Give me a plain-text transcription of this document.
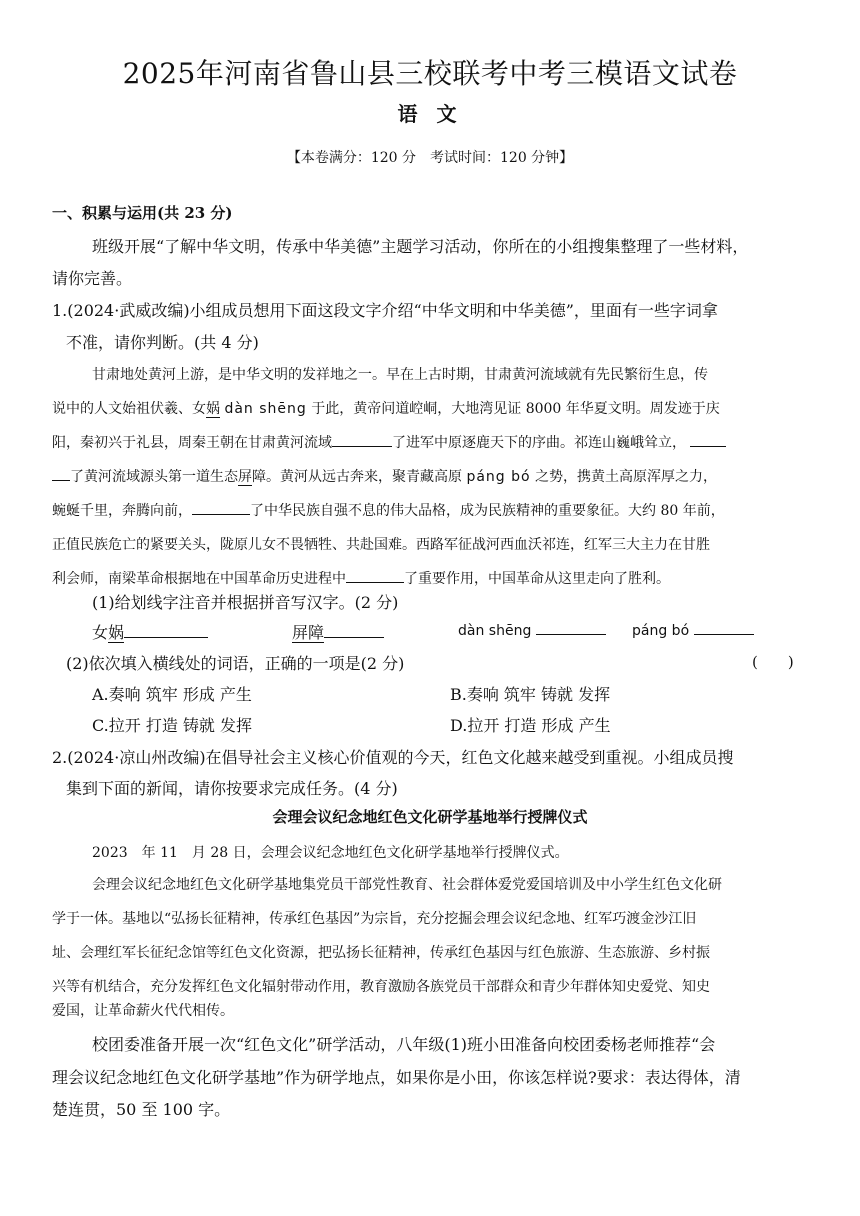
2025年河南省鲁山县三校联考中考三模语文试卷
语 文
【本卷满分：120 分　考试时间：120 分钟】
一、积累与运用(共 23 分)
班级开展“了解中华文明，传承中华美德”主题学习活动，你所在的小组搜集整理了一些材料，
请你完善。
1.(2024·武威改编)小组成员想用下面这段文字介绍“中华文明和中华美德”，里面有一些字词拿
不准，请你判断。(共 4 分)
甘肃地处黄河上游，是中华文明的发祥地之一。早在上古时期，甘肃黄河流域就有先民繁衍生息，传
说中的人文始祖伏羲、女娲 dàn shēng 于此，黄帝问道崆峒，大地湾见证 8000 年华夏文明。周发迹于庆
阳，秦初兴于礼县，周秦王朝在甘肃黄河流域	了进军中原逐鹿天下的序曲。祁连山巍峨耸立，
了黄河流域源头第一道生态屏障。黄河从远古奔来，聚青藏高原 páng bó 之势，携黄土高原浑厚之力，
蜿蜒千里，奔腾向前，	了中华民族自强不息的伟大品格，成为民族精神的重要象征。大约 80 年前，
正值民族危亡的紧要关头，陇原儿女不畏牺牲、共赴国难。西路军征战河西血沃祁连，红军三大主力在甘胜
利会师，南梁革命根据地在中国革命历史进程中	了重要作用，中国革命从这里走向了胜利。
(1)给划线字注音并根据拼音写汉字。(2 分)
女娲	屏障	dàn shēng	páng bó
(2)依次填入横线处的词语，正确的一项是(2 分)	(　　)
A.奏响 筑牢 形成 产生	B.奏响 筑牢 铸就 发挥
C.拉开 打造 铸就 发挥	D.拉开 打造 形成 产生
2.(2024·凉山州改编)在倡导社会主义核心价值观的今天，红色文化越来越受到重视。小组成员搜
集到下面的新闻，请你按要求完成任务。(4 分)
会理会议纪念地红色文化研学基地举行授牌仪式
2023　年 11　月 28 日，会理会议纪念地红色文化研学基地举行授牌仪式。
会理会议纪念地红色文化研学基地集党员干部党性教育、社会群体爱党爱国培训及中小学生红色文化研
学于一体。基地以“弘扬长征精神，传承红色基因”为宗旨，充分挖掘会理会议纪念地、红军巧渡金沙江旧
址、会理红军长征纪念馆等红色文化资源，把弘扬长征精神，传承红色基因与红色旅游、生态旅游、乡村振
兴等有机结合，充分发挥红色文化辐射带动作用，教育激励各族党员干部群众和青少年群体知史爱党、知史
爱国，让革命薪火代代相传。
校团委准备开展一次“红色文化”研学活动，八年级(1)班小田准备向校团委杨老师推荐“会
理会议纪念地红色文化研学基地”作为研学地点，如果你是小田，你该怎样说?要求：表达得体，清
楚连贯，50 至 100 字。
